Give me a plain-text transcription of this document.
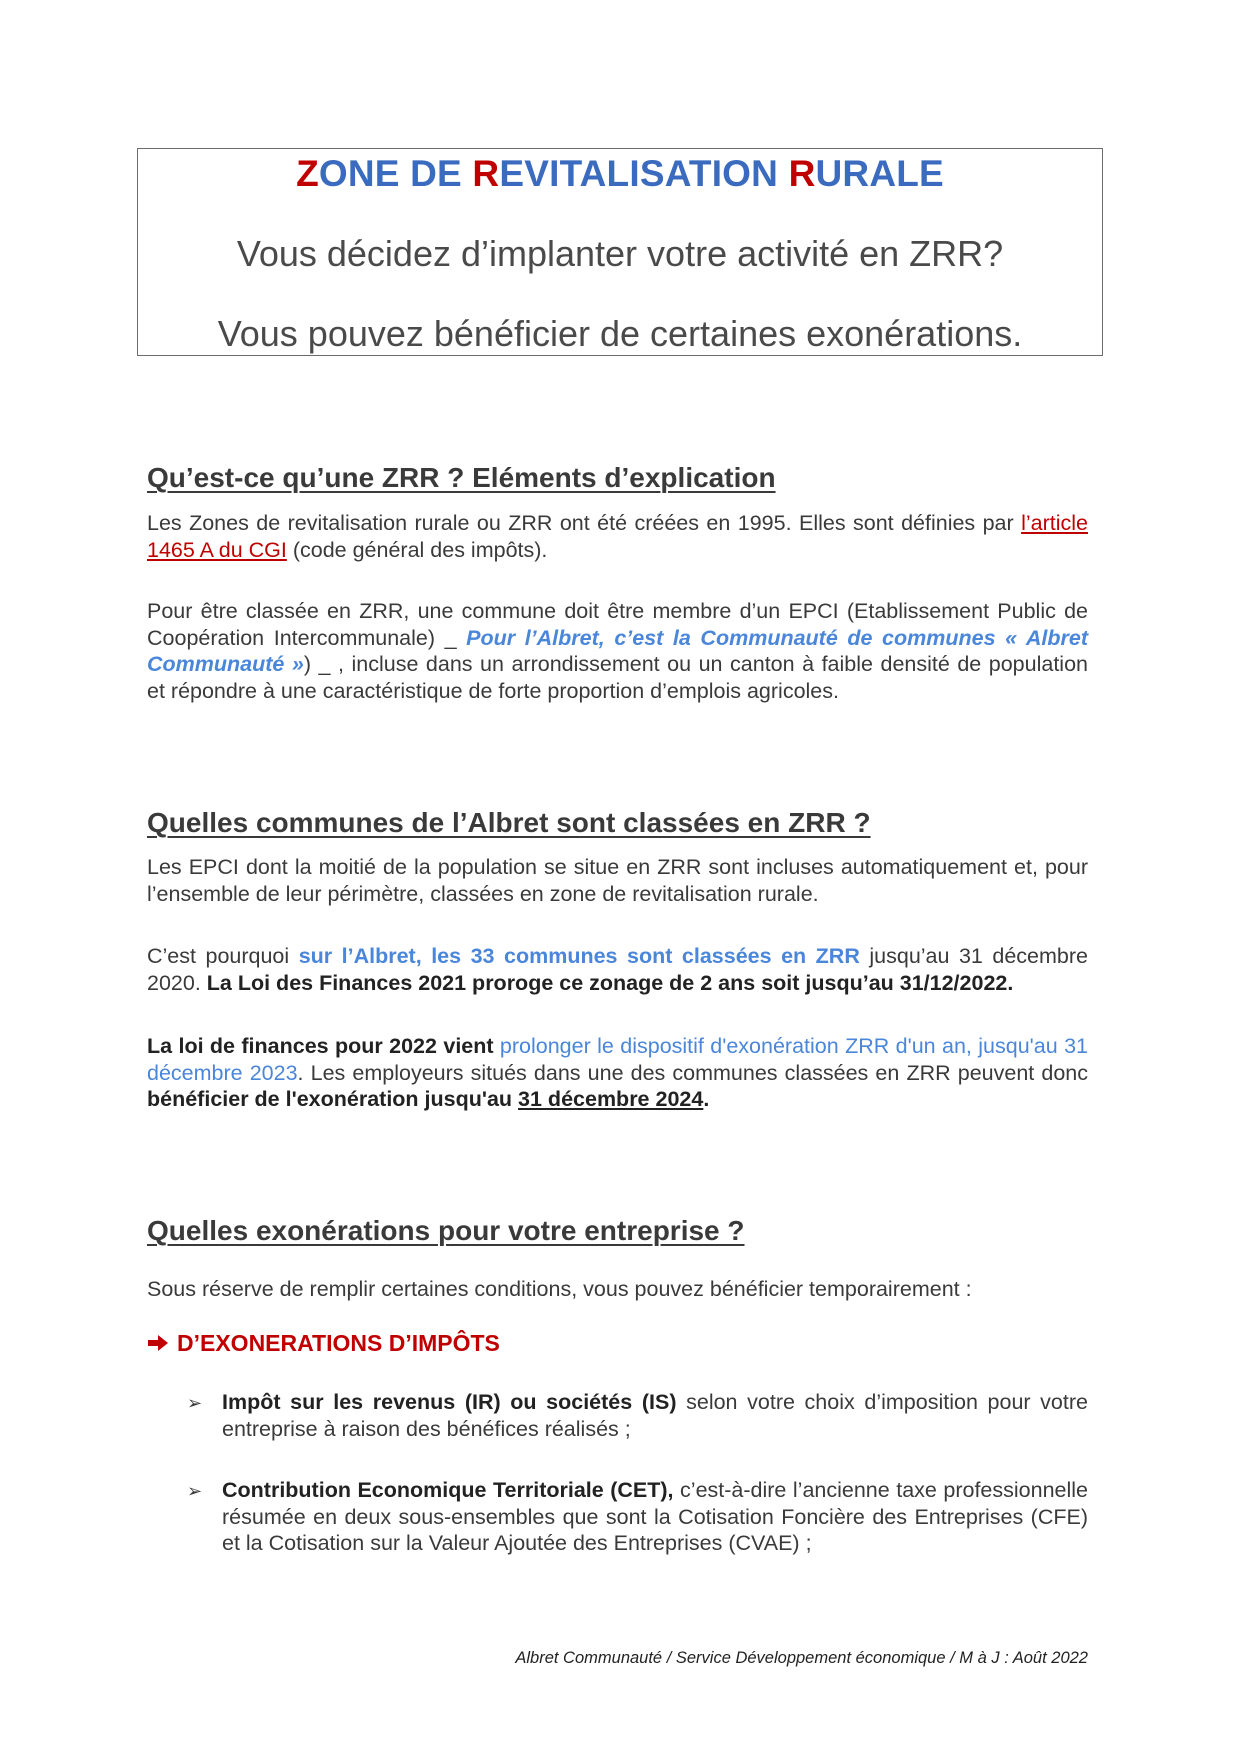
ZONE DE REVITALISATION RURALE
Vous décidez d’implanter votre activité en ZRR?
Vous pouvez bénéficier de certaines exonérations.
Qu’est-ce qu’une ZRR ? Eléments d’explication
Les Zones de revitalisation rurale ou ZRR ont été créées en 1995. Elles sont définies par l’article 1465 A du CGI (code général des impôts).
Pour être classée en ZRR, une commune doit être membre d’un EPCI (Etablissement Public de Coopération Intercommunale) _ Pour l’Albret, c’est la Communauté de communes « Albret Communauté ») _ , incluse dans un arrondissement ou un canton à faible densité de population et répondre à une caractéristique de forte proportion d’emplois agricoles.
Quelles communes de l’Albret sont classées en ZRR ?
Les EPCI dont la moitié de la population se situe en ZRR sont incluses automatiquement et, pour l’ensemble de leur périmètre, classées en zone de revitalisation rurale.
C’est pourquoi sur l’Albret, les 33 communes sont classées en ZRR jusqu’au 31 décembre 2020. La Loi des Finances 2021 proroge ce zonage de 2 ans soit jusqu’au 31/12/2022.
La loi de finances pour 2022 vient prolonger le dispositif d'exonération ZRR d'un an, jusqu'au 31 décembre 2023. Les employeurs situés dans une des communes classées en ZRR peuvent donc bénéficier de l'exonération jusqu'au 31 décembre 2024.
Quelles exonérations pour votre entreprise ?
Sous réserve de remplir certaines conditions, vous pouvez bénéficier temporairement :
D’EXONERATIONS D’IMPÔTS
➢ Impôt sur les revenus (IR) ou sociétés (IS) selon votre choix d’imposition pour votre entreprise à raison des bénéfices réalisés ;
➢ Contribution Economique Territoriale (CET), c’est-à-dire l’ancienne taxe professionnelle résumée en deux sous-ensembles que sont la Cotisation Foncière des Entreprises (CFE) et la Cotisation sur la Valeur Ajoutée des Entreprises (CVAE) ;
Albret Communauté / Service Développement économique / M à J : Août 2022
